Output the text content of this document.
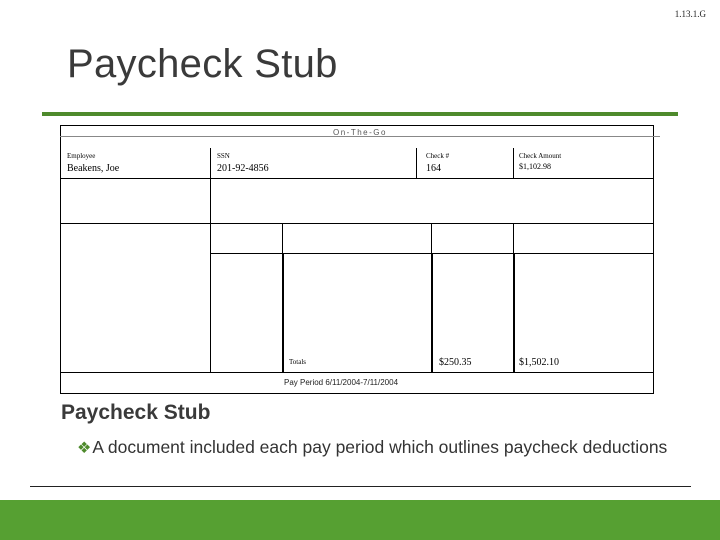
1.13.1.G
Paycheck Stub
On-The-Go
Employee
Beakens, Joe
SSN
201-92-4856
Check #
164
Check Amount
$1,102.98
Totals	$250.35	$1,502.10
Pay Period 6/11/2004-7/11/2004
Paycheck Stub
❖A document included each pay period which outlines paycheck deductions
